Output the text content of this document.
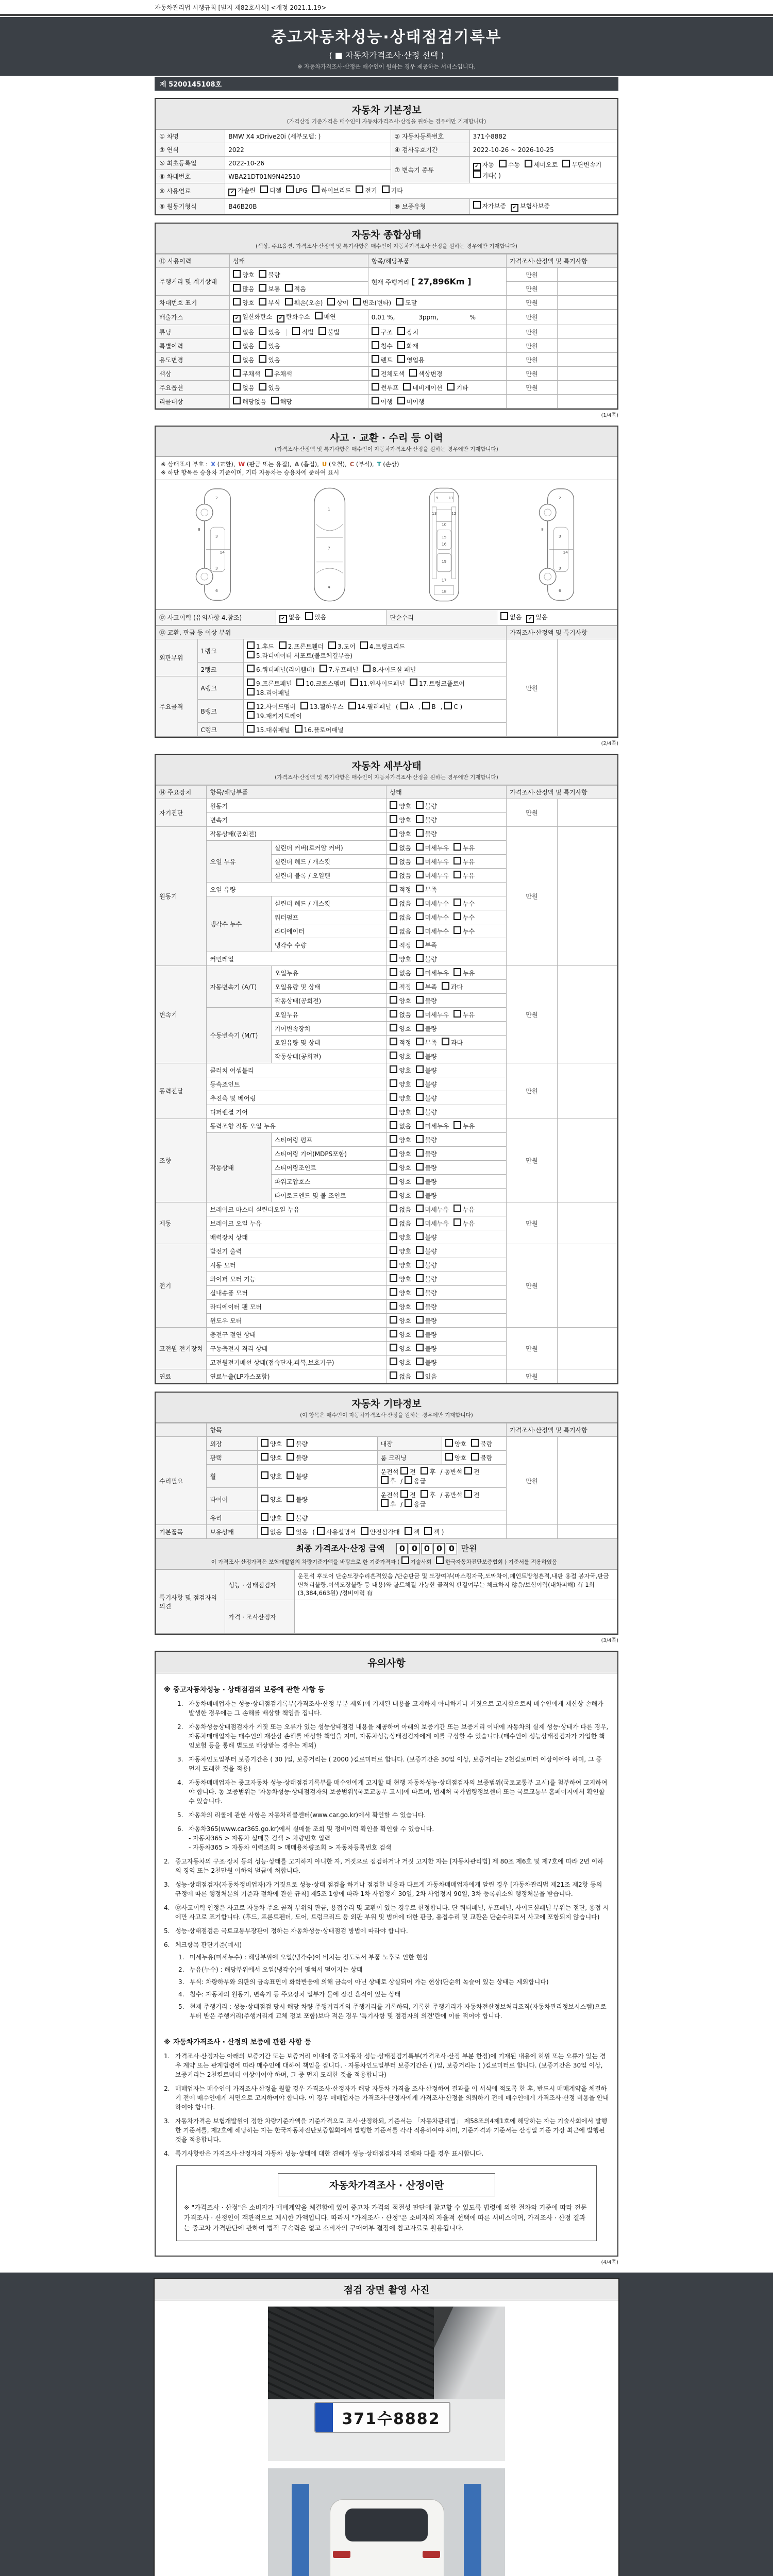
자동차관리법 시행규칙 [별지 제82호서식] <개정 2021.1.19>
중고자동차성능·상태점검기록부
( ■ 자동차가격조사·산정 선택 )
※ 자동차가격조사·산정은 매수인이 원하는 경우 제공하는 서비스입니다.
제 5200145108호
자동차 기본정보
(가격산정 기준가격은 매수인이 자동차가격조사·산정을 원하는 경우에만 기재합니다)
① 차명	BMW X4 xDrive20i (세부모델: )	② 자동차등록번호	371수8882
③ 연식	2022	④ 검사유효기간	2022-10-26 ~ 2026-10-25
⑤ 최초등록일	2022-10-26	⑦ 변속기 종류	✔ 자동 수동 세미오토 무단변속기기타( )
⑥ 차대번호	WBA21DT01N9N42510		
⑧ 사용연료	✔ 가솔린 디젤 LPG 하이브리드 전기 기타		
⑨ 원동기형식	B46B20B	⑩ 보증유형	자가보증 ✔ 보험사보증
자동차 종합상태
(색상, 주요옵션, 가격조사·산정액 및 특기사항은 매수인이 자동차가격조사·산정을 원하는 경우에만 기재합니다)
⑪ 사용이력	상태	항목/해당부품	가격조사·산정액 및 특기사항	
주행거리 및 계기상태	양호 불량	현재 주행거리 [ 27,896Km ]	만원	
	많음 보통 적음		만원	
차대번호 표기	양호 부식 훼손(오손) 상이 변조(변타) 도말		만원	
배출가스	✔ 일산화탄소 ✔ 탄화수소 매연	0.01 %,            3ppm,                %	만원	
튜닝	없음 있음 적법 불법	구조 장치	만원	
특별이력	없음 있음	침수 화재	만원	
용도변경	없음 있음	렌트 영업용	만원	
색상	무채색 유채색	전체도색 색상변경	만원	
주요옵션	없음 있음	썬루프 네비게이션 기타	만원	
리콜대상	해당없음 해당	이행 미이행		
(1/4쪽)
사고 · 교환 · 수리 등 이력
(가격조사·산정액 및 특기사항은 매수인이 자동차가격조사·산정을 원하는 경우에만 기재합니다)
※ 상태표시 부호 : X (교환), W (판금 또는 용접), A (흠집), U (요철), C (부식), T (손상)
※ 하단 항목은 승용차 기준이며, 기타 자동차는 승용차에 준하여 표시
2
8
3
14
3
6
1
7
4
9 11
13	12
10
15
16
19
17
18
2
8
3
14
3
6
⑫ 사고이력 (유의사항 4.참조)	✔ 없음 있음	단순수리	없음 ✔ 있음
⑬ 교환, 판금 등 이상 부위			가격조사·산정액 및 특기사항	
외판부위	1랭크	1.후드 2.프론트휀더 3.도어 4.트렁크리드5.라디에이터 서포트(볼트체결부품)	만원	
	2랭크	6.쿼터패널(리어휀더) 7.루프패널 8.사이드실 패널		
주요골격	A랭크	9.프론트패널 10.크로스멤버 11.인사이드패널 17.트렁크플로어18.리어패널		
	B랭크	12.사이드멤버 13.휠하우스 14.필러패널 ( A , B , C )19.패키지트레이		
	C랭크	15.대쉬패널 16.플로어패널		
(2/4쪽)
자동차 세부상태
(가격조사·산정액 및 특기사항은 매수인이 자동차가격조사·산정을 원하는 경우에만 기재합니다)
⑭ 주요장치	항목/해당부품		상태	가격조사·산정액 및 특기사항	
자기진단	원동기		양호 불량	만원	
	변속기		양호 불량		
원동기	작동상태(공회전)		양호 불량	만원	
	오일 누유	실린더 커버(로커암 커버)	없음 미세누유 누유		
		실린더 헤드 / 개스킷	없음 미세누유 누유		
		실린더 블록 / 오일팬	없음 미세누유 누유		
	오일 유량		적정 부족		
	냉각수 누수	실린더 헤드 / 개스킷	없음 미세누수 누수		
		워터펌프	없음 미세누수 누수		
		라디에이터	없음 미세누수 누수		
		냉각수 수량	적정 부족		
	커먼레일		양호 불량		
변속기	자동변속기 (A/T)	오일누유	없음 미세누유 누유	만원	
		오일유량 및 상태	적정 부족 과다		
		작동상태(공회전)	양호 불량		
	수동변속기 (M/T)	오일누유	없음 미세누유 누유		
		기어변속장치	양호 불량		
		오일유량 및 상태	적정 부족 과다		
		작동상태(공회전)	양호 불량		
동력전달	클러치 어셈블리		양호 불량	만원	
	등속죠인트		양호 불량		
	추진축 및 베어링		양호 불량		
	디퍼렌셜 기어		양호 불량		
조향	동력조향 작동 오일 누유		없음 미세누유 누유	만원	
	작동상태	스티어링 펌프	양호 불량		
		스티어링 기어(MDPS포함)	양호 불량		
		스티어링조인트	양호 불량		
		파워고압호스	양호 불량		
		타이로드엔드 및 볼 조인트	양호 불량		
제동	브레이크 마스터 실린더오일 누유		없음 미세누유 누유	만원	
	브레이크 오일 누유		없음 미세누유 누유		
	배력장치 상태		양호 불량		
전기	발전기 출력		양호 불량	만원	
	시동 모터		양호 불량		
	와이퍼 모터 기능		양호 불량		
	실내송풍 모터		양호 불량		
	라디에이터 팬 모터		양호 불량		
	윈도우 모터		양호 불량		
고전원 전기장치	충전구 절연 상태		양호 불량	만원	
	구동축전지 격리 상태		양호 불량		
	고전원전기배선 상태(접속단자,피복,보호기구)		양호 불량		
연료	연료누출(LP가스포함)		없음 있음	만원	
자동차 기타정보
(이 항목은 매수인이 자동차가격조사·산정을 원하는 경우에만 기재합니다)
	항목				가격조사·산정액 및 특기사항	
수리필요	외장	양호 불량	내장	양호 불량	만원	
	광택	양호 불량	룸 크리닝	양호 불량		
	휠	양호 불량	운전석 전 후 / 동반석 전후 / 응급			
	타이어	양호 불량	운전석 전 후 / 동반석 전후 / 응급			
	유리	양호 불량				
기본품목	보유상태	없음 있음 ( 사용설명서 안전삼각대 잭 잭 )				
최종 가격조사·산정 금액 0 0 0 0 0 만원
이 가격조사·산정가격은 보험개발원의 차량기준가액을 바탕으로 한 기준가격과 ( 기술사회	한국자동차진단보증협회 ) 기준서를 적용하였음
특기사항 및 점검자의 의견	성능 · 상태점검자	운전석 후도어 단순도장수리흔적있음 /단순판금 및 도장여부(마스킹자국,도막차이,페인트방청흔적,내판 용접 봉자국,판금 면처리불량,이색도장불량 등 내용)와 볼트체결 가능한 골격의 판결여부는 체크하지 않음/보험이력(내차피해) 有 1회 (3,384,663원) /정비이력 有
	가격 · 조사산정자	
(3/4쪽)
유의사항
※ 중고자동차성능 · 상태점검의 보증에 관한 사항 등
1. 자동차매매업자는 성능·상태점검기록부(가격조사·산정 부분 제외)에 기재된 내용을 고지하지 아니하거나 거짓으로 고지함으로써 매수인에게 재산상 손해가 발생한 경우에는 그 손해를 배상할 책임을 집니다.
2. 자동차성능상태점검자가 거짓 또는 오류가 있는 성능상태점검 내용을 제공하여 아래의 보증기간 또는 보증거리 이내에 자동차의 실제 성능·상태가 다른 경우, 자동차매매업자는 매수인의 재산상 손해를 배상할 책임을 지며, 자동차성능상태점검자에게 이를 구상할 수 있습니다.(매수인이 성능상태점검자가 가입한 책임보험 등을 통해 별도로 배상받는 경우는 제외)
3. 자동차인도일부터 보증기간은 ( 30 )일, 보증거리는 ( 2000 )킬로미터로 합니다. (보증기간은 30일 이상, 보증거리는 2천킬로미터 이상이어야 하며, 그 중 먼저 도래한 것을 적용)
4. 자동차매매업자는 중고자동차 성능·상태점검기록부를 매수인에게 고지할 때 현행 자동차성능·상태점검자의 보증범위(국토교통부 고시)를 첨부하여 고지하여야 합니다. 동 보증범위는 '자동차성능·상태점검자의 보증범위'(국토교통부 고시)에 따르며, 법제처 국가법령정보센터 또는 국토교통부 홈페이지에서 확인할 수 있습니다.
5. 자동차의 리콜에 관한 사항은 자동차리콜센터(www.car.go.kr)에서 확인할 수 있습니다.
6. 자동차365(www.car365.go.kr)에서 실매물 조회 및 정비이력 확인을 확인할 수 있습니다.
- 자동차365 > 자동차 실매물 검색 > 차량번호 입력
- 자동차365 > 자동차 이력조회 > 매매용차량조회 > 자동차등록번호 검색
2. 중고자동차의 구조·장치 등의 성능·상태를 고지하지 아니한 자, 거짓으로 점검하거나 거짓 고지한 자는 [자동차관리법] 제 80조 제6호 및 제7호에 따라 2년 이하의 징역 또는 2천만원 이하의 벌금에 처합니다.
3. 성능·상태점검자(자동차정비업자)가 거짓으로 성능·상태 점검을 하거나 점검한 내용과 다르게 자동차매매업자에게 알린 경우 [자동차관리법 제21조 제2항 등의 규정에 따른 행정처분의 기준과 절차에 관한 규칙] 제5조 1항에 따라 1차 사업정지 30일, 2차 사업정지 90일, 3차 등록취소의 행정처분을 받습니다.
4. ⑫사고이력 인정은 사고로 자동차 주요 골격 부위의 판금, 용접수리 및 교환이 있는 경우로 한정합니다. 단 쿼터패널, 루프패널, 사이드실패널 부위는 절단, 용접 시에만 사고로 표기합니다. (후드, 프론트펜더, 도어, 트렁크리드 등 외판 부위 및 범퍼에 대한 판금, 용접수리 및 교환은 단순수리로서 사고에 포함되지 않습니다)
5. 성능·상태점검은 국토교통부장관이 정하는 자동차성능·상태점검 방법에 따라야 합니다.
6. 체크항목 판단기준(예시)
1. 미세누유(미세누수) : 해당부위에 오일(냉각수)이 비치는 정도로서 부품 노후로 인한 현상
2. 누유(누수) : 해당부위에서 오일(냉각수)이 맺혀서 떨어지는 상태
3. 부식: 차량하부와 외판의 금속표면이 화학반응에 의해 금속이 아닌 상태로 상실되어 가는 현상(단순히 녹슬어 있는 상태는 제외합니다)
4. 침수: 자동차의 원동기, 변속기 등 주요장치 일부가 물에 잠긴 흔적이 있는 상태
5. 현재 주행거리 : 성능·상태점검 당시 해당 차량 주행거리계의 주행거리를 기록하되, 기록한 주행거리가 자동차전산정보처리조직(자동차관리정보시스템)으로부터 받은 주행거리(주행거리계 교체 정보 포함)보다 적은 경우 '특기사항 및 점검자의 의견'란에 이를 적어야 합니다.
※ 자동차가격조사 · 산정의 보증에 관한 사항 등
1. 가격조사·산정자는 아래의 보증기간 또는 보증거리 이내에 중고자동차 성능·상태점검기록부(가격조사·산정 부분 한정)에 기재된 내용에 허위 또는 오류가 있는 경우 계약 또는 관계법령에 따라 매수인에 대하여 책임을 집니다. · 자동차인도일부터 보증기간은 ( )일, 보증거리는 ( )킬로미터로 합니다. (보증기간은 30일 이상, 보증거리는 2천킬로미터 이상이어야 하며, 그 중 먼저 도래한 것을 적용합니다)
2. 매매업자는 매수인이 가격조사·산정을 원할 경우 가격조사·산정자가 해당 자동차 가격을 조사·산정하여 결과를 이 서식에 적도록 한 후, 반드시 매매계약을 체결하기 전에 매수인에게 서면으로 고지하여야 합니다. 이 경우 매매업자는 가격조사·산정자에게 가격조사·산정을 의뢰하기 전에 매수인에게 가격조사·산정 비용을 안내하여야 합니다.
3. 자동차가격은 보험개발원이 정한 차량기준가액을 기준가격으로 조사·산정하되, 기준서는 「자동차관리법」 제58조의4제1호에 해당하는 자는 기술사회에서 발행한 기준서를, 제2호에 해당하는 자는 한국자동차진단보증협회에서 발행한 기준서를 각각 적용하여야 하며, 기준가격과 기준서는 산정일 기준 가장 최근에 발행된 것을 적용합니다.
4. 특기사항란은 가격조사·산정자의 자동차 성능·상태에 대한 견해가 성능·상태점검자의 견해와 다를 경우 표시합니다.
자동차가격조사 · 산정이란
※ "가격조사 · 산정"은 소비자가 매매계약을 체결함에 있어 중고차 가격의 적절성 판단에 참고할 수 있도록 법령에 의한 절차와 기준에 따라 전문 가격조사 · 산정인이 객관적으로 제시한 가액입니다. 따라서 "가격조사 · 산정"은 소비자의 자율적 선택에 따른 서비스이며, 가격조사 · 산정 결과는 중고차 가격판단에 관하여 법적 구속력은 없고 소비자의 구매여부 결정에 참고자료로 활용됩니다.
(4/4쪽)
점검 장면 촬영 사진
371수8882
